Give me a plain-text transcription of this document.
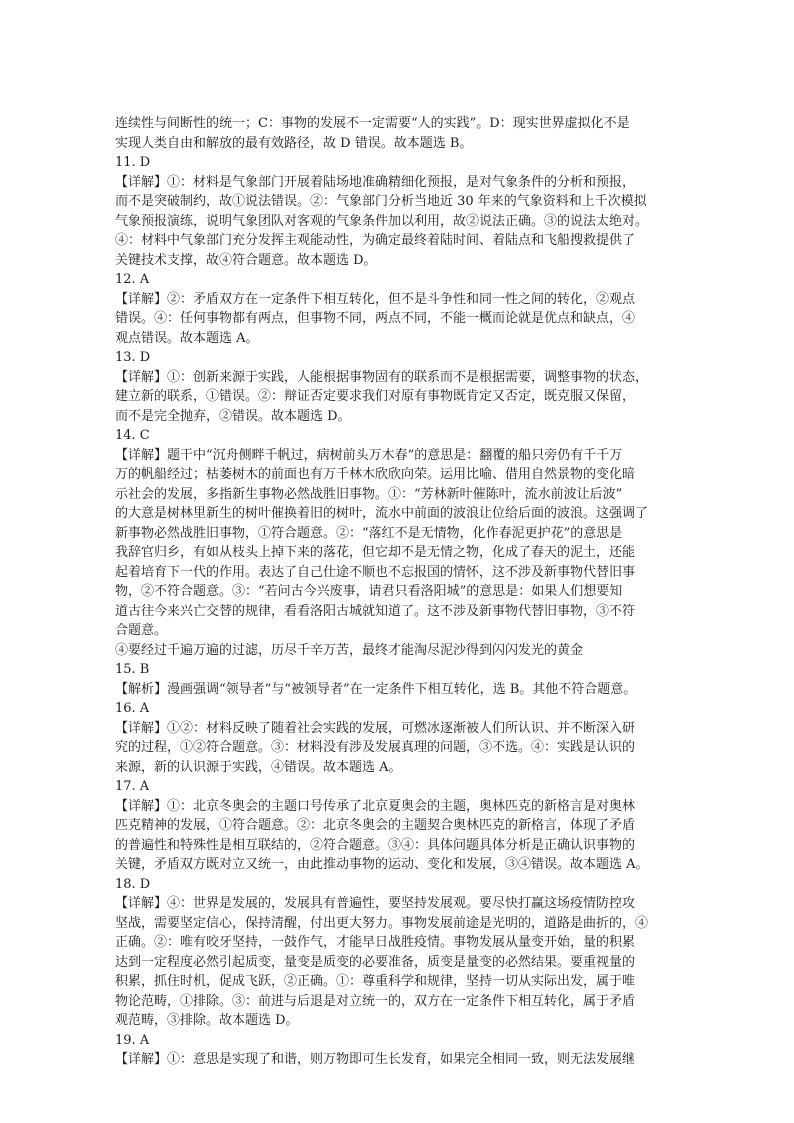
连续性与间断性的统一；C：事物的发展不一定需要“人的实践”。D：现实世界虚拟化不是
实现人类自由和解放的最有效路径，故 D 错误。故本题选 B。
11. D
【详解】①：材料是气象部门开展着陆场地准确精细化预报，是对气象条件的分析和预报，
而不是突破制约，故①说法错误。②：气象部门分析当地近 30 年来的气象资料和上千次模拟
气象预报演练，说明气象团队对客观的气象条件加以利用，故②说法正确。③的说法太绝对。
④：材料中气象部门充分发挥主观能动性，为确定最终着陆时间、着陆点和飞船搜救提供了
关键技术支撑，故④符合题意。故本题选 D。
12. A
【详解】②：矛盾双方在一定条件下相互转化，但不是斗争性和同一性之间的转化，②观点
错误。④：任何事物都有两点，但事物不同，两点不同，不能一概而论就是优点和缺点，④
观点错误。故本题选 A。
13. D
【详解】①：创新来源于实践，人能根据事物固有的联系而不是根据需要，调整事物的状态，
建立新的联系，①错误。②：辩证否定要求我们对原有事物既肯定又否定，既克服又保留，
而不是完全抛弃，②错误。故本题选 D。
14. C
【详解】题干中“沉舟侧畔千帆过，病树前头万木春”的意思是：翻覆的船只旁仍有千千万
万的帆船经过；枯萎树木的前面也有万千林木欣欣向荣。运用比喻、借用自然景物的变化暗
示社会的发展，多指新生事物必然战胜旧事物。①：“芳林新叶催陈叶，流水前波让后波”
的大意是树林里新生的树叶催换着旧的树叶，流水中前面的波浪让位给后面的波浪。这强调了
新事物必然战胜旧事物，①符合题意。②：“落红不是无情物，化作春泥更护花”的意思是
我辞官归乡，有如从枝头上掉下来的落花，但它却不是无情之物，化成了春天的泥土，还能
起着培育下一代的作用。表达了自己仕途不顺也不忘报国的情怀，这不涉及新事物代替旧事
物，②不符合题意。③：“若问古今兴废事，请君只看洛阳城”的意思是：如果人们想要知
道古往今来兴亡交替的规律，看看洛阳古城就知道了。这不涉及新事物代替旧事物，③不符
合题意。
④要经过千遍万遍的过滤，历尽千辛万苦，最终才能淘尽泥沙得到闪闪发光的黄金
15. B
【解析】漫画强调“领导者”与“被领导者”在一定条件下相互转化，选 B。其他不符合题意。
16. A
【详解】①②：材料反映了随着社会实践的发展，可燃冰逐渐被人们所认识、并不断深入研
究的过程，①②符合题意。③：材料没有涉及发展真理的问题，③不选。④：实践是认识的
来源，新的认识源于实践，④错误。故本题选 A。
17. A
【详解】①：北京冬奥会的主题口号传承了北京夏奥会的主题，奥林匹克的新格言是对奥林
匹克精神的发展，①符合题意。②：北京冬奥会的主题契合奥林匹克的新格言，体现了矛盾
的普遍性和特殊性是相互联结的，②符合题意。③④：具体问题具体分析是正确认识事物的
关键，矛盾双方既对立又统一，由此推动事物的运动、变化和发展，③④错误。故本题选 A。
18. D
【详解】④：世界是发展的，发展具有普遍性，要坚持发展观。要尽快打赢这场疫情防控攻
坚战，需要坚定信心，保持清醒，付出更大努力。事物发展前途是光明的，道路是曲折的，④
正确。②：唯有咬牙坚持，一鼓作气，才能早日战胜疫情。事物发展从量变开始，量的积累
达到一定程度必然引起质变，量变是质变的必要准备，质变是量变的必然结果。要重视量的
积累，抓住时机，促成飞跃，②正确。①：尊重科学和规律，坚持一切从实际出发，属于唯
物论范畴，①排除。③：前进与后退是对立统一的，双方在一定条件下相互转化，属于矛盾
观范畴，③排除。故本题选 D。
19. A
【详解】①：意思是实现了和谐，则万物即可生长发育，如果完全相同一致，则无法发展继
